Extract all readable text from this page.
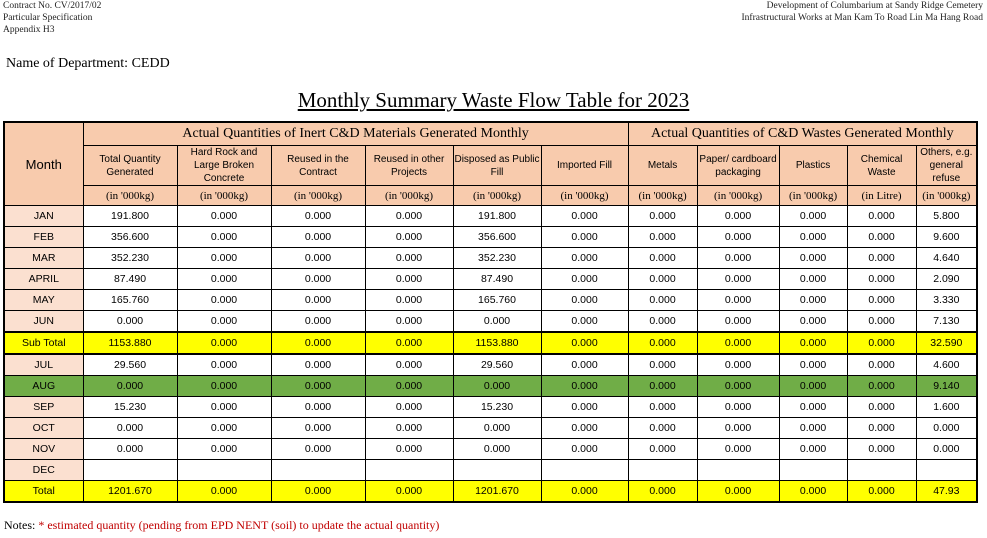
Contract No. CV/2017/02
Particular Specification
Appendix H3
Development of Columbarium at Sandy Ridge Cemetery
Infrastructural Works at Man Kam To Road Lin Ma Hang Road
Name of Department: CEDD
Monthly Summary Waste Flow Table for 2023
Month	Actual Quantities of Inert C&D Materials Generated Monthly						Actual Quantities of C&D Wastes Generated Monthly				
	Total Quantity Generated	Hard Rock and Large Broken Concrete	Reused in the Contract	Reused in other Projects	Disposed as Public Fill	Imported Fill	Metals	Paper/ cardboard packaging	Plastics	Chemical Waste	Others, e.g. general refuse
	(in '000kg)	(in '000kg)	(in '000kg)	(in '000kg)	(in '000kg)	(in '000kg)	(in '000kg)	(in '000kg)	(in '000kg)	(in Litre)	(in '000kg)
JAN	191.800	0.000	0.000	0.000	191.800	0.000	0.000	0.000	0.000	0.000	5.800
FEB	356.600	0.000	0.000	0.000	356.600	0.000	0.000	0.000	0.000	0.000	9.600
MAR	352.230	0.000	0.000	0.000	352.230	0.000	0.000	0.000	0.000	0.000	4.640
APRIL	87.490	0.000	0.000	0.000	87.490	0.000	0.000	0.000	0.000	0.000	2.090
MAY	165.760	0.000	0.000	0.000	165.760	0.000	0.000	0.000	0.000	0.000	3.330
JUN	0.000	0.000	0.000	0.000	0.000	0.000	0.000	0.000	0.000	0.000	7.130
Sub Total	1153.880	0.000	0.000	0.000	1153.880	0.000	0.000	0.000	0.000	0.000	32.590
JUL	29.560	0.000	0.000	0.000	29.560	0.000	0.000	0.000	0.000	0.000	4.600
AUG	0.000	0.000	0.000	0.000	0.000	0.000	0.000	0.000	0.000	0.000	9.140
SEP	15.230	0.000	0.000	0.000	15.230	0.000	0.000	0.000	0.000	0.000	1.600
OCT	0.000	0.000	0.000	0.000	0.000	0.000	0.000	0.000	0.000	0.000	0.000
NOV	0.000	0.000	0.000	0.000	0.000	0.000	0.000	0.000	0.000	0.000	0.000
DEC											
Total	1201.670	0.000	0.000	0.000	1201.670	0.000	0.000	0.000	0.000	0.000	47.93
Notes: * estimated quantity (pending from EPD NENT (soil) to update the actual quantity)
